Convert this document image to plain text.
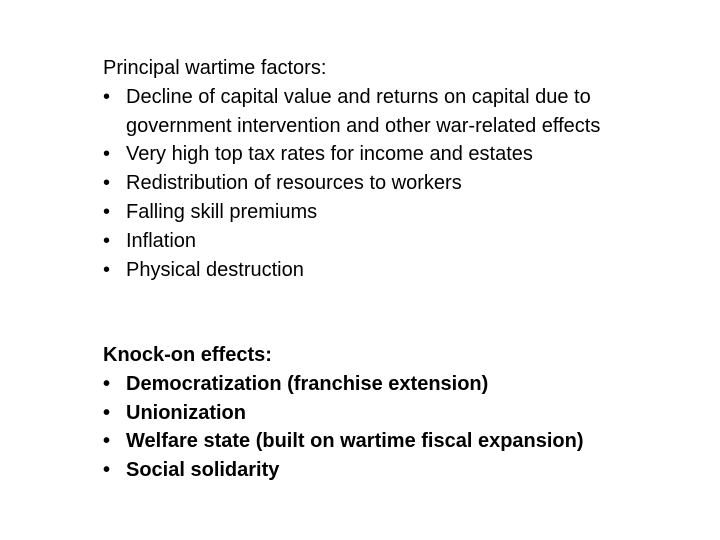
Principal wartime factors:
• Decline of capital value and returns on capital due to government intervention and other war-related effects
• Very high top tax rates for income and estates
• Redistribution of resources to workers
• Falling skill premiums
• Inflation
• Physical destruction
Knock-on effects:
• Democratization (franchise extension)
• Unionization
• Welfare state (built on wartime fiscal expansion)
• Social solidarity
